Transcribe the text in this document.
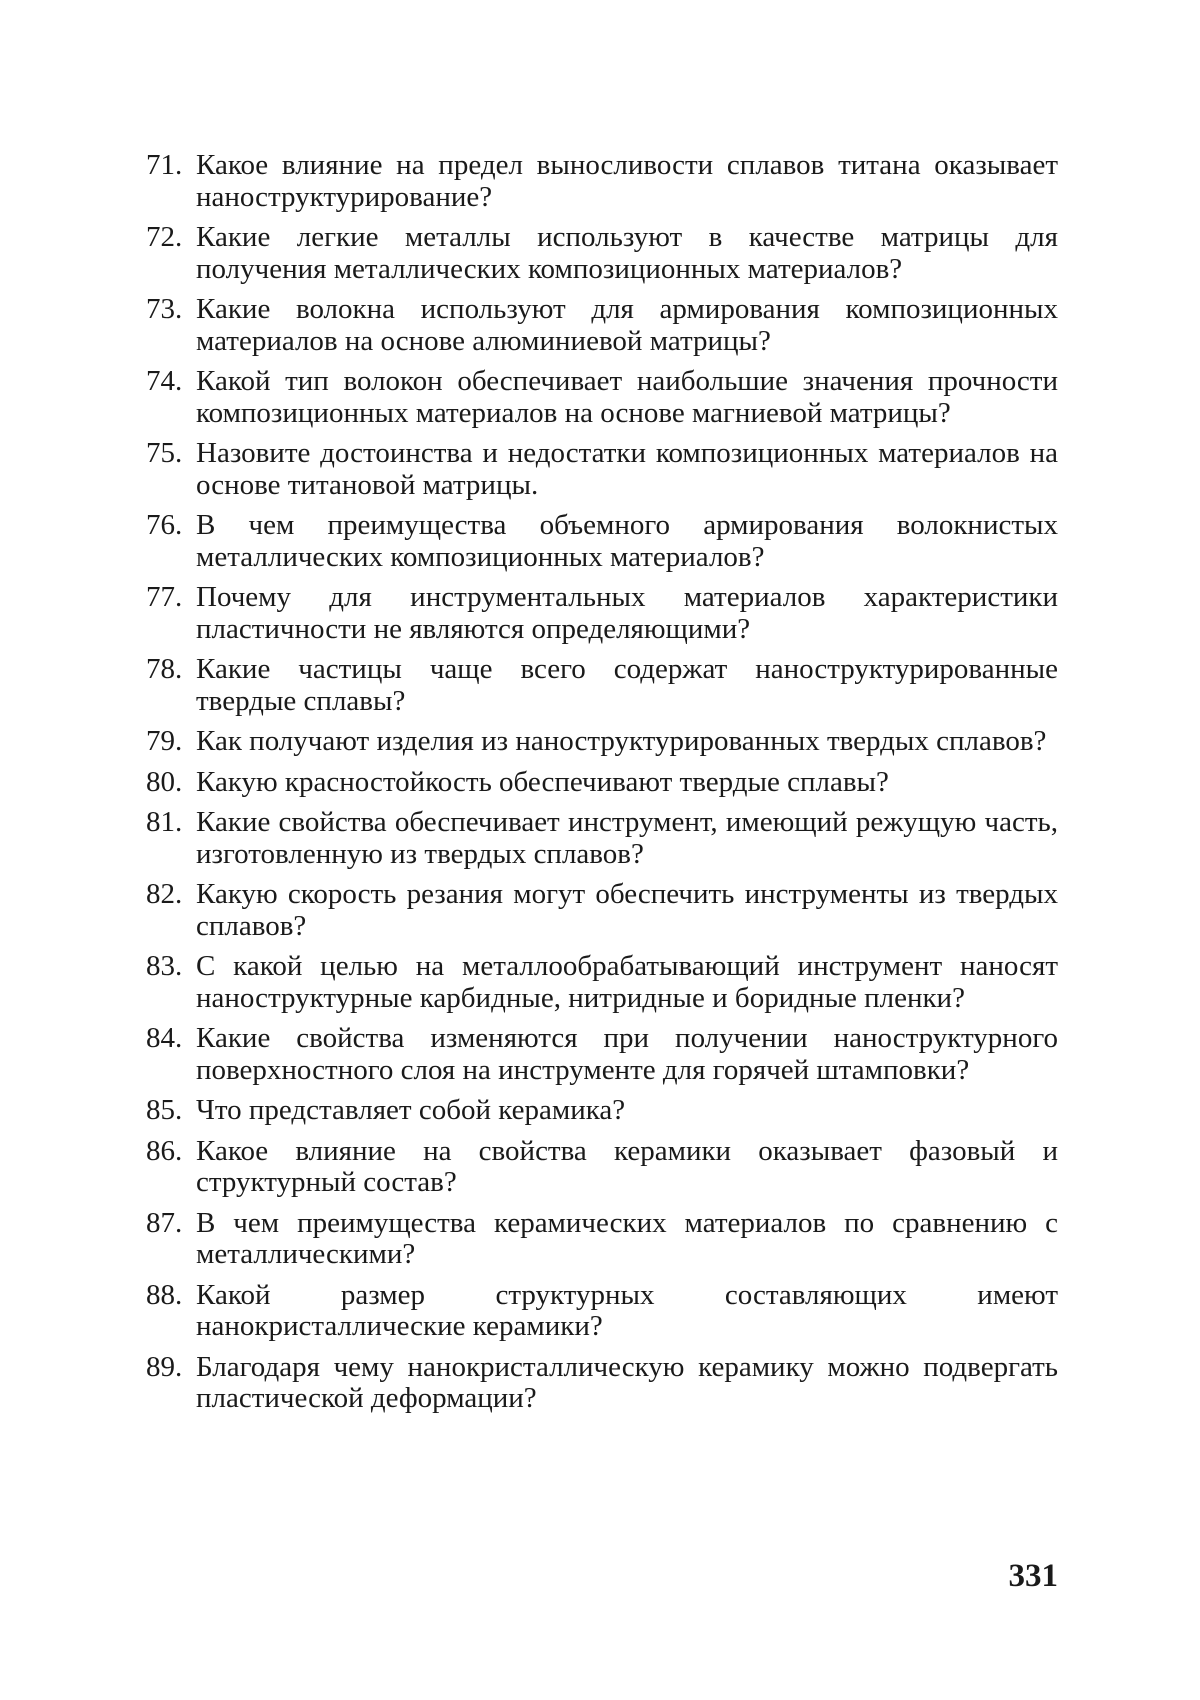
71. Какое влияние на предел выносливости сплавов титана оказывает наноструктурирование?
72. Какие легкие металлы используют в качестве матрицы для получения металлических композиционных материалов?
73. Какие волокна используют для армирования композиционных материалов на основе алюминиевой матрицы?
74. Какой тип волокон обеспечивает наибольшие значения прочности композиционных материалов на основе магниевой матрицы?
75. Назовите достоинства и недостатки композиционных материалов на основе титановой матрицы.
76. В чем преимущества объемного армирования волокнистых металлических композиционных материалов?
77. Почему для инструментальных материалов характеристики пластичности не являются определяющими?
78. Какие частицы чаще всего содержат наноструктурированные твердые сплавы?
79. Как получают изделия из наноструктурированных твердых сплавов?
80. Какую красностойкость обеспечивают твердые сплавы?
81. Какие свойства обеспечивает инструмент, имеющий режущую часть, изготовленную из твердых сплавов?
82. Какую скорость резания могут обеспечить инструменты из твердых сплавов?
83. С какой целью на металлообрабатывающий инструмент наносят наноструктурные карбидные, нитридные и боридные пленки?
84. Какие свойства изменяются при получении наноструктурного поверхностного слоя на инструменте для горячей штамповки?
85. Что представляет собой керамика?
86. Какое влияние на свойства керамики оказывает фазовый и структурный состав?
87. В чем преимущества керамических материалов по сравнению с металлическими?
88. Какой размер структурных составляющих имеют нанокристаллические керамики?
89. Благодаря чему нанокристаллическую керамику можно подвергать пластической деформации?
331
